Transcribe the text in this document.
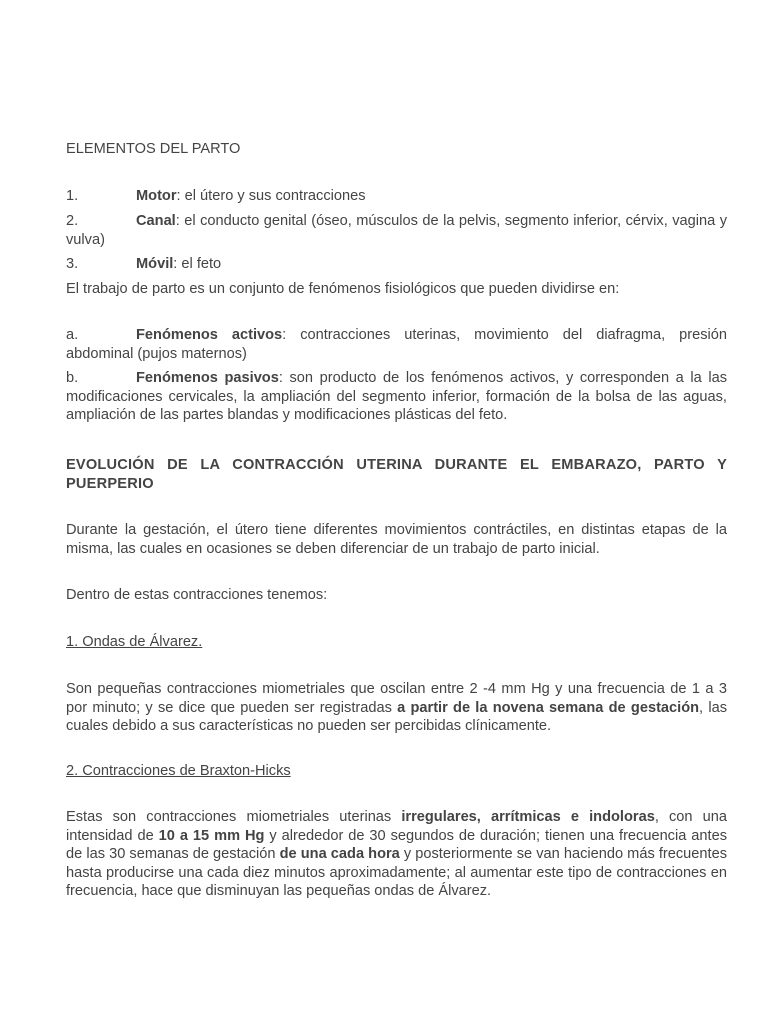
ELEMENTOS DEL PARTO

1.	Motor: el útero y sus contracciones

2.	Canal: el conducto genital (óseo, músculos de la pelvis, segmento inferior, cérvix, vagina y vulva)

3.	Móvil: el feto

El trabajo de parto es un conjunto de fenómenos fisiológicos que pueden dividirse en:

a.	Fenómenos activos: contracciones uterinas, movimiento del diafragma, presión abdominal (pujos maternos)

b.	Fenómenos pasivos: son producto de los fenómenos activos, y corresponden a la las modificaciones cervicales, la ampliación del segmento inferior, formación de la bolsa de las aguas, ampliación de las partes blandas y modificaciones plásticas del feto.

EVOLUCIÓN DE LA CONTRACCIÓN UTERINA DURANTE EL EMBARAZO, PARTO Y PUERPERIO

Durante la gestación, el útero tiene diferentes movimientos contráctiles, en distintas etapas de la misma, las cuales en ocasiones se deben diferenciar de un trabajo de parto inicial.

Dentro de estas contracciones tenemos:

1. Ondas de Álvarez.

Son pequeñas contracciones miometriales que oscilan entre 2 -4 mm Hg y una frecuencia de 1 a 3 por minuto; y se dice que pueden ser registradas a partir de la novena semana de gestación, las cuales debido a sus características no pueden ser percibidas clínicamente.

2. Contracciones de Braxton-Hicks

Estas son contracciones miometriales uterinas irregulares, arrítmicas e indoloras, con una intensidad de 10 a 15 mm Hg y alrededor de 30 segundos de duración; tienen una frecuencia antes de las 30 semanas de gestación de una cada hora y posteriormente se van haciendo más frecuentes hasta producirse una cada diez minutos aproximadamente; al aumentar este tipo de contracciones en frecuencia, hace que disminuyan las pequeñas ondas de Álvarez.
